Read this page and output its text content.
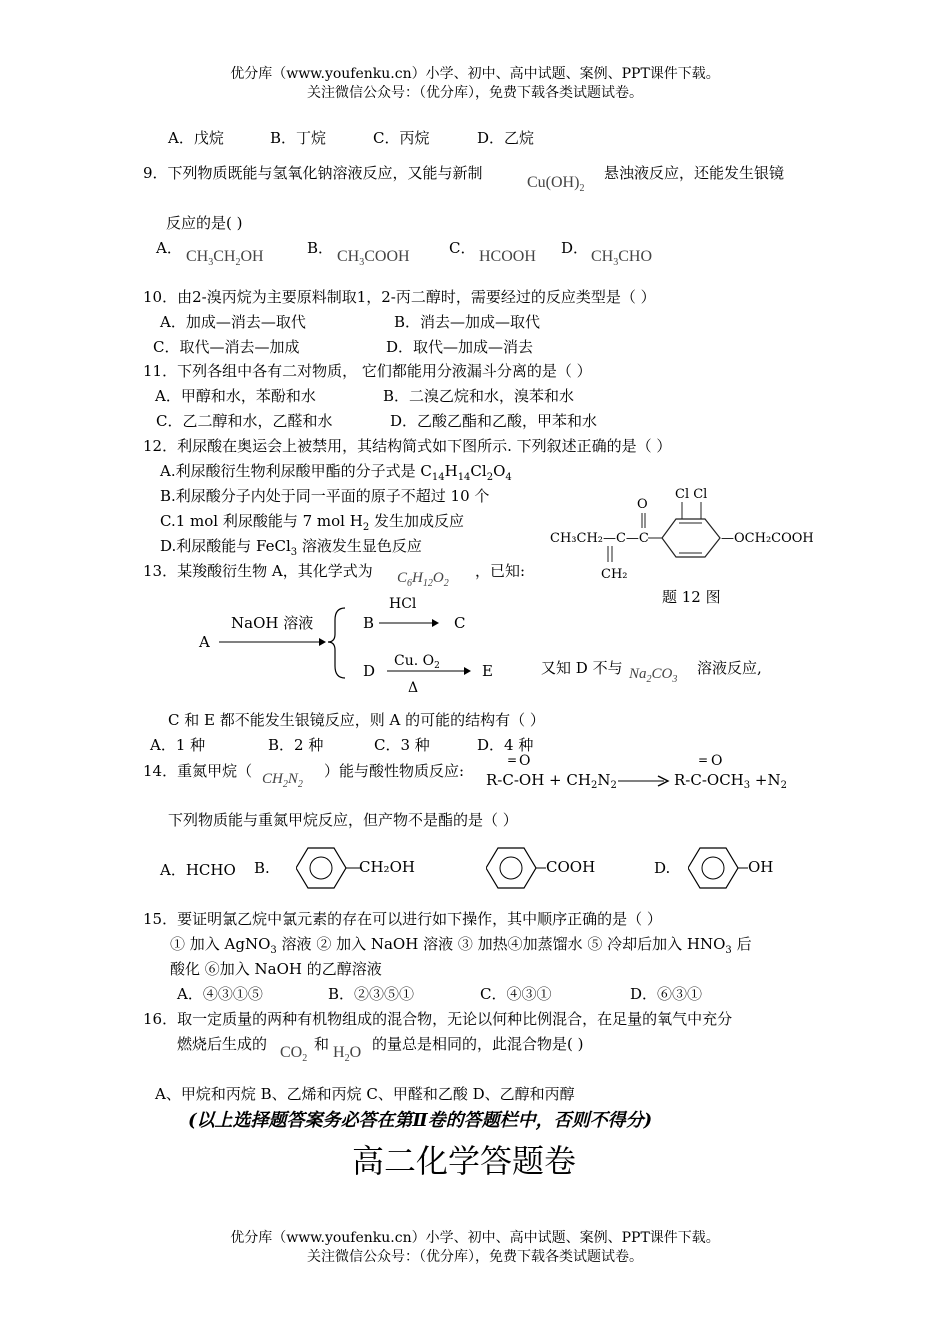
优分库（www.youfenku.cn）小学、初中、高中试题、案例、PPT课件下载。
关注微信公众号：（优分库），免费下载各类试题试卷。
A．戊烷	B．丁烷	C．丙烷	D．乙烷
9．下列物质既能与氢氧化钠溶液反应，又能与新制
$Cu(OH)_2$
悬浊液反应，还能发生银镜
反应的是( )
A． $CH_3CH_2OH$	B． $CH_3COOH$	C． HCOOH D． $CH_3CHO$
10．由2-溴丙烷为主要原料制取1，2-丙二醇时，需要经过的反应类型是（ ）
A．加成—消去—取代	B．消去—加成—取代
C．取代—消去—加成	D．取代—加成—消去
11．下列各组中各有二对物质， 它们都能用分液漏斗分离的是（ ）
A．甲醇和水，苯酚和水	B．二溴乙烷和水，溴苯和水
C．乙二醇和水，乙醛和水	D．乙酸乙酯和乙酸，甲苯和水
12．利尿酸在奥运会上被禁用，其结构简式如下图所示. 下列叙述正确的是（ ）
A.利尿酸衍生物利尿酸甲酯的分子式是 $C_{14}H_{14}Cl_2O_4$
B.利尿酸分子内处于同一平面的原子不超过 10 个
C.1 mol 利尿酸能与 7 mol $H_2$ 发生加成反应
D.利尿酸能与 FeCl$_3$ 溶液发生显色反应
O
Cl Cl
CH₃CH₂—C—C	—OCH₂COOH
CH₂
题 12 图
13．某羧酸衍生物 A，其化学式为 $C_6H_{12}O_2$
，已知:
A
NaOH 溶液	B
HCl
C
D
Cu. $O_2$
Δ
E	又知 D 不与 $Na_2CO_3$
溶液反应,
C 和 E 都不能发生银镜反应，则 A 的可能的结构有（ ）
A．1 种	B．2 种	C．3 种	D．4 种
14．重氮甲烷（ $CH_2N_2$
）能与酸性物质反应:
= O
$R-C-OH + CH_2N_2$
= O
$R-C-OCH_3 +N_2$
下列物质能与重氮甲烷反应，但产物不是酯的是（ ）
A．HCHO B.	CH₂OH	COOH	D.	OH
15．要证明氯乙烷中氯元素的存在可以进行如下操作，其中顺序正确的是（ ）
① 加入 AgNO$_3$ 溶液 ② 加入 NaOH 溶液 ③ 加热④加蒸馏水 ⑤ 冷却后加入 $HNO_3$ 后
酸化 ⑥加入 NaOH 的乙醇溶液
A．④③①⑤	B．②③⑤①	C．④③①	D．⑥③①
16．取一定质量的两种有机物组成的混合物，无论以何种比例混合，在足量的氧气中充分
燃烧后生成的 $CO_2$
和 $H_2O$ 的量总是相同的，此混合物是( )
A、甲烷和丙烷 B、乙烯和丙烷 C、甲醛和乙酸 D、乙醇和丙醇
(以上选择题答案务必答在第Ⅱ卷的答题栏中，否则不得分)
高二化学答题卷
优分库（www.youfenku.cn）小学、初中、高中试题、案例、PPT课件下载。
关注微信公众号：（优分库），免费下载各类试题试卷。
